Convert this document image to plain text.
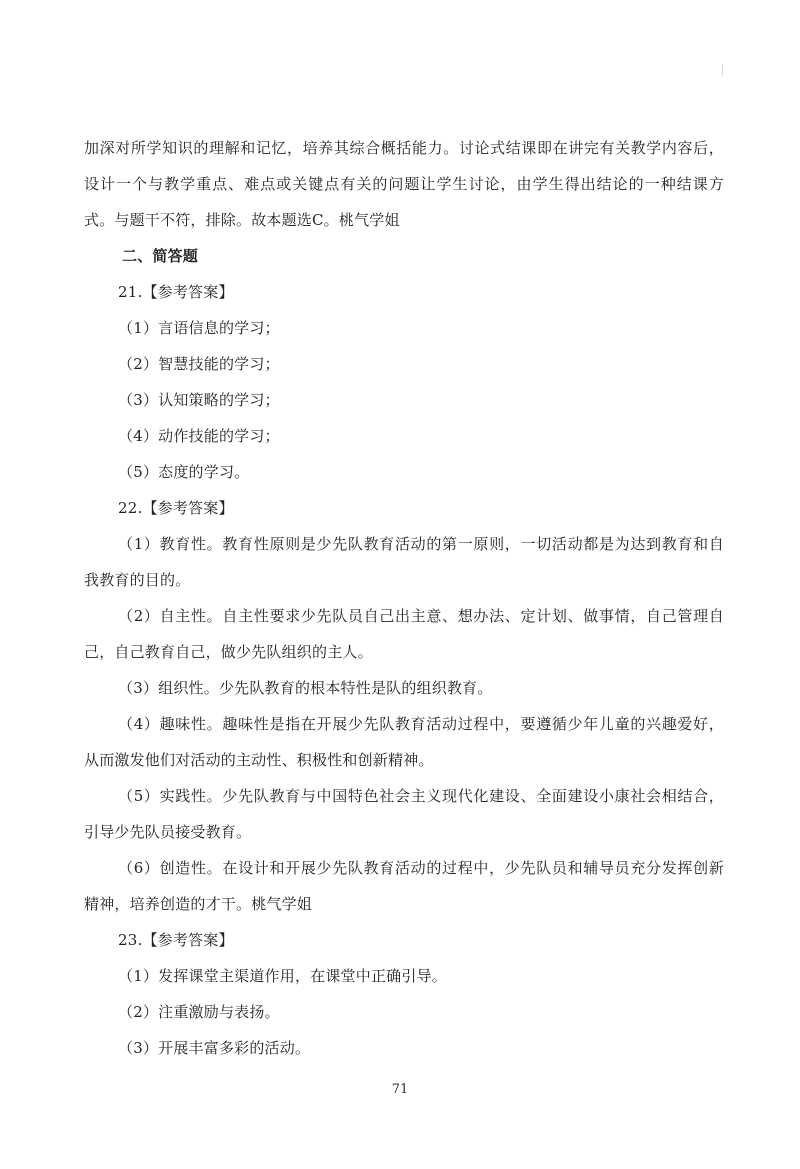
加深对所学知识的理解和记忆，培养其综合概括能力。讨论式结课即在讲完有关教学内容后，
设计一个与教学重点、难点或关键点有关的问题让学生讨论，由学生得出结论的一种结课方
式。与题干不符，排除。故本题选C。桃气学姐
二、简答题
21.【参考答案】
（1）言语信息的学习；
（2）智慧技能的学习；
（3）认知策略的学习；
（4）动作技能的学习；
（5）态度的学习。
22.【参考答案】
（1）教育性。教育性原则是少先队教育活动的第一原则，一切活动都是为达到教育和自
我教育的目的。
（2）自主性。自主性要求少先队员自己出主意、想办法、定计划、做事情，自己管理自
己，自己教育自己，做少先队组织的主人。
（3）组织性。少先队教育的根本特性是队的组织教育。
（4）趣味性。趣味性是指在开展少先队教育活动过程中，要遵循少年儿童的兴趣爱好，
从而激发他们对活动的主动性、积极性和创新精神。
（5）实践性。少先队教育与中国特色社会主义现代化建设、全面建设小康社会相结合，
引导少先队员接受教育。
（6）创造性。在设计和开展少先队教育活动的过程中，少先队员和辅导员充分发挥创新
精神，培养创造的才干。桃气学姐
23.【参考答案】
（1）发挥课堂主渠道作用，在课堂中正确引导。
（2）注重激励与表扬。
（3）开展丰富多彩的活动。
71
